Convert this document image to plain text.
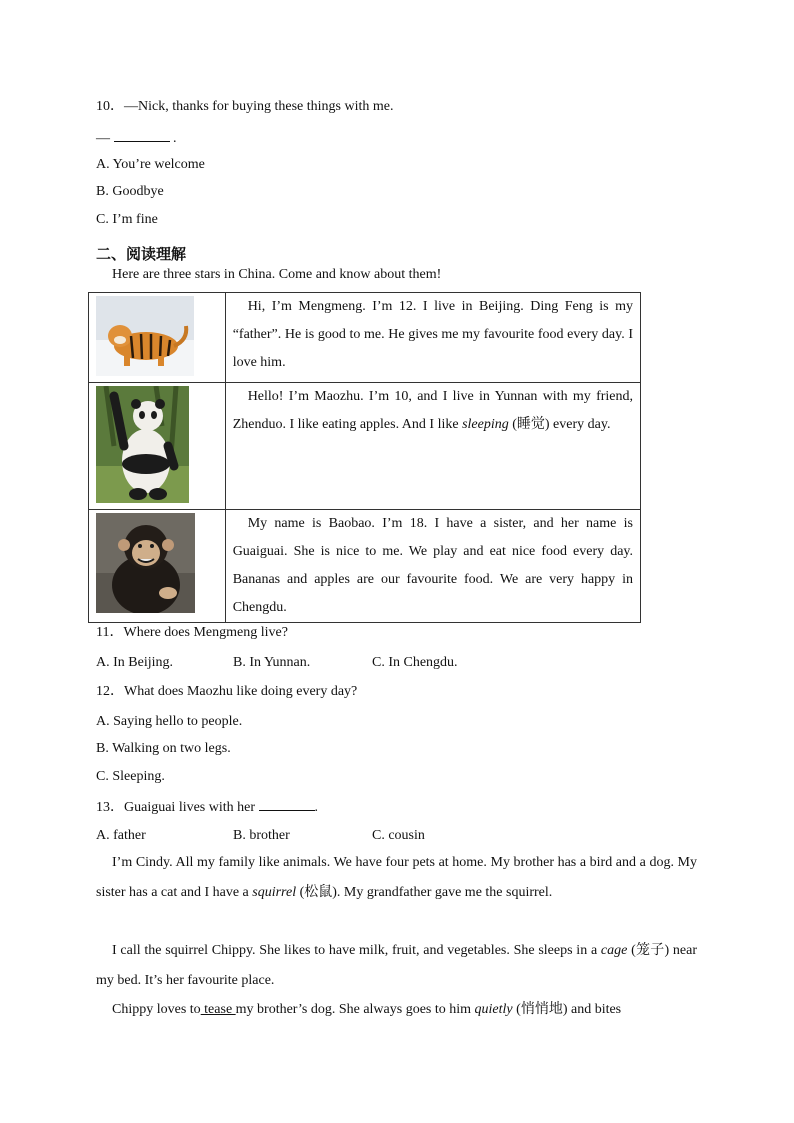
10．—Nick, thanks for buying these things with me.
—	.
A. You’re welcome
B. Goodbye
C. I’m fine
二、阅读理解
Here are three stars in China. Come and know about them!
	Hi, I’m Mengmeng. I’m 12. I live in Beijing. Ding Feng is my “father”. He is good to me. He gives me my favourite food every day. I love him.

	Hello! I’m Maozhu. I’m 10, and I live in Yunnan with my friend, Zhenduo. I like eating apples. And I like sleeping (睡觉) every day.

	My name is Baobao. I’m 18. I have a sister, and her name is Guaiguai. She is nice to me. We play and eat nice food every day. Bananas and apples are our favourite food. We are very happy in Chengdu.
11．Where does Mengmeng live?
A. In Beijing.	B. In Yunnan.	C. In Chengdu.
12．What does Maozhu like doing every day?
A. Saying hello to people.
B. Walking on two legs.
C. Sleeping.
13．Guaiguai lives with her	.
A. father	B. brother	C. cousin
I’m Cindy. All my family like animals. We have four pets at home. My brother has a bird and a dog. My sister has a cat and I have a squirrel (松鼠). My grandfather gave me the squirrel.
I call the squirrel Chippy. She likes to have milk, fruit, and vegetables. She sleeps in a cage (笼子) near my bed. It’s her favourite place.
Chippy loves to tease my brother’s dog. She always goes to him quietly (悄悄地) and bites
